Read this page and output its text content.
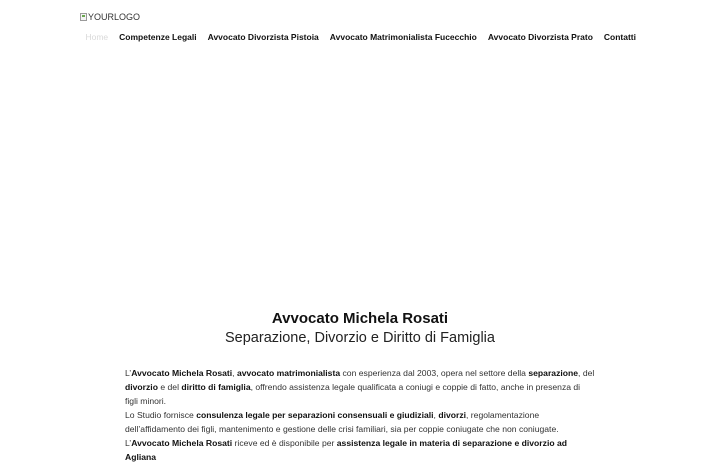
YOURLOGO
Home Competenze Legali Avvocato Divorzista Pistoia Avvocato Matrimonialista Fucecchio Avvocato Divorzista Prato Contatti
Avvocato Michela Rosati
Separazione, Divorzio e Diritto di Famiglia

L’Avvocato Michela Rosati, avvocato matrimonialista con esperienza dal 2003, opera nel settore della separazione, del divorzio e del diritto di famiglia, offrendo assistenza legale qualificata a coniugi e coppie di fatto, anche in presenza di figli minori.

Lo Studio fornisce consulenza legale per separazioni consensuali e giudiziali, divorzi, regolamentazione dell’affidamento dei figli, mantenimento e gestione delle crisi familiari, sia per coppie coniugate che non coniugate.

L’Avvocato Michela Rosati riceve ed è disponibile per assistenza legale in materia di separazione e divorzio ad Agliana
